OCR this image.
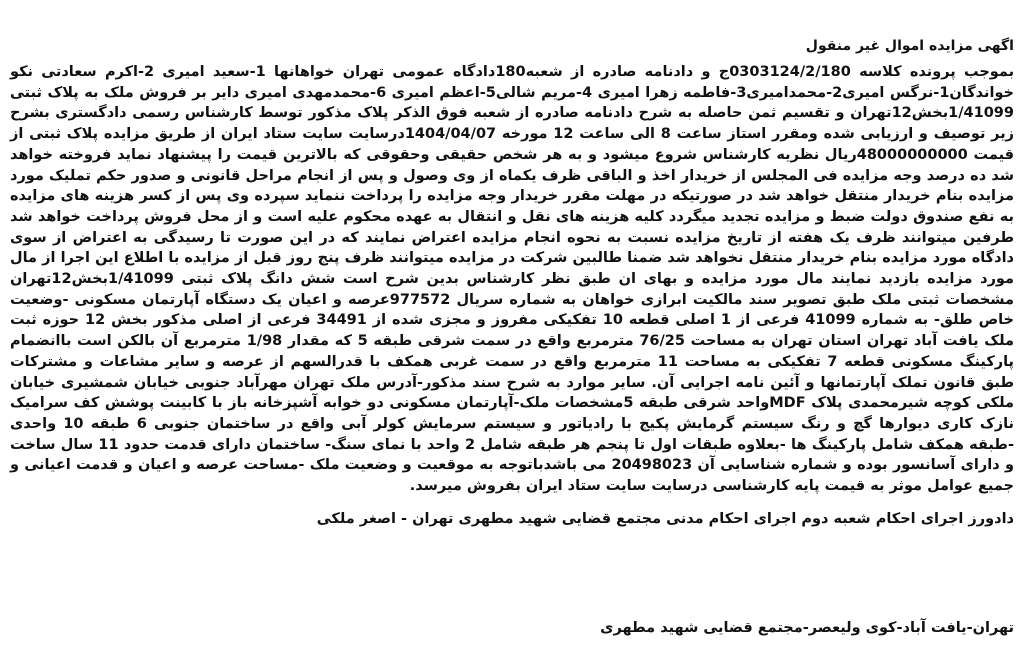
اگهی مزایده اموال غیر منقول

بموجب پرونده کلاسه 0303124/2/180ج و دادنامه صادره از شعبه180دادگاه عمومی تهران خواهانها 1-سعید امیری 2-اکرم سعادتی نکو خواندگان1-نرگس امیری2-محمدامیری3-فاطمه زهرا امیری 4-مریم شالی5-اعظم امیری 6-محمدمهدی امیری دایر بر فروش ملک به پلاک ثبتی 1/41099بخش12تهران و تقسیم ثمن حاصله به شرح دادنامه صادره از شعبه فوق الذکر پلاک مذکور توسط کارشناس رسمی دادگستری بشرح زیر توصیف و ارزیابی شده ومقرر استاز ساعت 8 الی ساعت 12 مورخه 1404/04/07درسایت سایت ستاد ایران از طریق مزایده پلاک ثبتی از قیمت 48000000000ریال نظریه کارشناس شروع میشود و به هر شخص حقیقی وحقوقی که بالاترین قیمت را پیشنهاد نماید فروخته خواهد شد ده درصد وجه مزایده فی المجلس از خریدار اخذ و الباقی ظرف یکماه از وی وصول و پس از انجام مراحل قانونی و صدور حکم تملیک مورد مزایده بنام خریدار منتقل خواهد شد در صورتیکه در مهلت مقرر خریدار وجه مزایده را پرداخت ننماید سپرده وی پس از کسر هزینه های مزایده به نفع صندوق دولت ضبط و مزایده تجدید میگردد کلیه هزینه های نقل و انتقال به عهده محکوم علیه است و از محل فروش پرداخت خواهد شد طرفین میتوانند ظرف یک هفته از تاریخ مزایده نسبت به نحوه انجام مزایده اعتراض نمایند که در این صورت تا رسیدگی به اعتراض از سوی دادگاه مورد مزایده بنام خریدار منتقل نخواهد شد ضمنا طالبین شرکت در مزایده میتوانند ظرف پنج روز قبل از مزایده با اطلاع این اجرا از مال مورد مزایده بازدید نمایند مال مورد مزایده و بهای ان طبق نظر کارشناس بدین شرح است شش دانگ پلاک ثبتی 1/41099بخش12تهران مشخصات ثبتی ملک طبق تصویر سند مالکیت ابرازی خواهان به شماره سریال 977572عرصه و اعیان یک دستگاه آپارتمان مسکونی -وضعیت خاص طلق- به شماره 41099 فرعی از 1 اصلی قطعه 10 تفکیکی مفروز و مجزی شده از 34491 فرعی از اصلی مذکور بخش 12 حوزه ثبت ملک یافت آباد تهران استان تهران به مساحت 76/25 مترمربع واقع در سمت شرقی طبقه 5 که مقدار 1/98 مترمربع آن بالکن است باانضمام پارکینگ مسکونی قطعه 7 تفکیکی به مساحت 11 مترمربع واقع در سمت غربی همکف با قدرالسهم از عرصه و سایر مشاعات و مشترکات طبق قانون تملک آپارتمانها و آئین نامه اجرایی آن. سایر موارد به شرح سند مذکور-آدرس ملک تهران مهرآباد جنوبی خیابان شمشیری خیابان ملکی کوچه شیرمحمدی پلاک MDFواحد شرقی طبقه 5مشخصات ملک-آپارتمان مسکونی دو خوابه آشپزخانه باز با کابینت پوشش کف سرامیک نازک کاری دیوارها گچ و رنگ سیستم گرمایش پکیج با رادیاتور و سیستم سرمایش کولر آبی واقع در ساختمان جنوبی 6 طبقه 10 واحدی -طبقه همکف شامل پارکینگ ها -بعلاوه طبقات اول تا پنجم هر طبقه شامل 2 واحد با نمای سنگ- ساختمان دارای قدمت حدود 11 سال ساخت و دارای آسانسور بوده و شماره شناسایی آن 20498023 می باشدباتوجه به موقعیت و وضعیت ملک -مساحت عرصه و اعیان و قدمت اعیانی و جمیع عوامل موثر به قیمت پایه کارشناسی درسایت سایت ستاد ایران بفروش میرسد.

دادورز اجرای احکام شعبه دوم اجرای احکام مدنی مجتمع قضایی شهید مطهری تهران - اصغر ملکی
تهران-یافت آباد-کوی ولیعصر-مجتمع قضایی شهید مطهری
